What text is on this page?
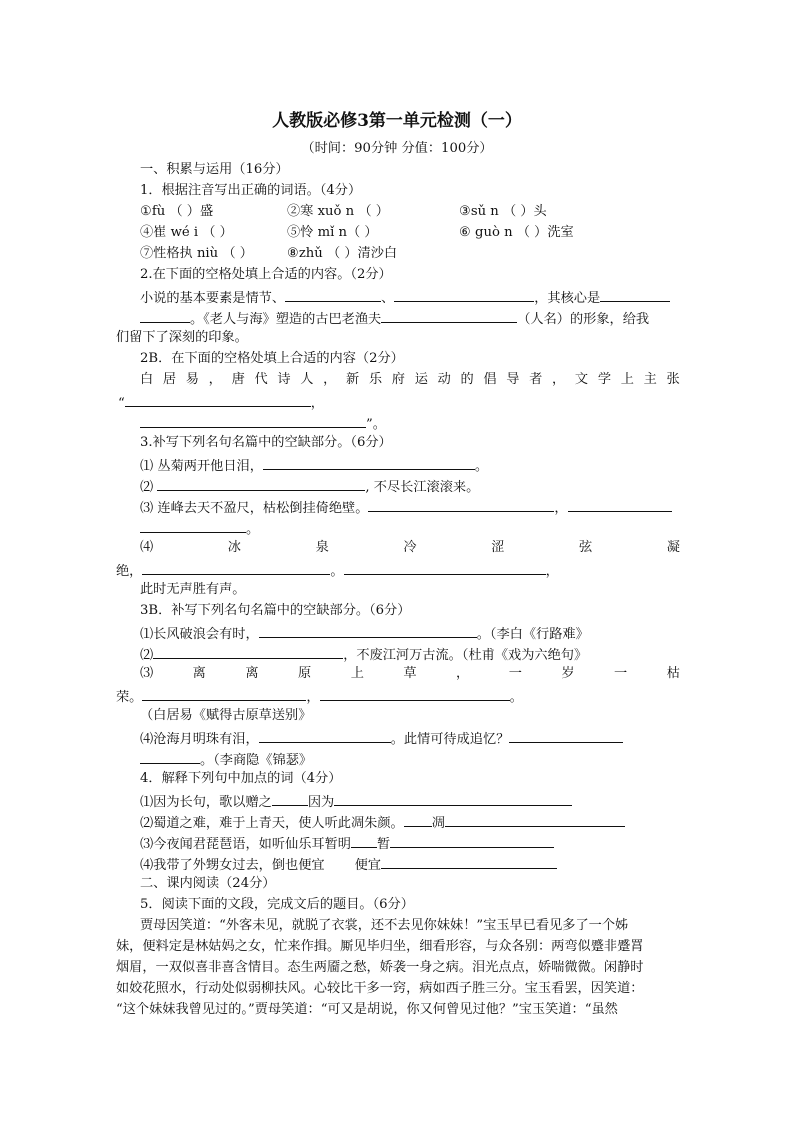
人教版必修3第一单元检测（一）
（时间：90分钟 分值：100分）
一、积累与运用（16分）
1．根据注音写出正确的词语。（4分）
①fù （ ）盛	②寒 xuǒ n （ ）	③sǔ n （ ）头
④崔 wé i （ ）	⑤怜 mǐ n（ ）	⑥ guò n （ ）洗室
⑦性格执 niù （ ）	⑧zhǔ （ ）清沙白
2.在下面的空格处填上合适的内容。（2分）
小说的基本要素是情节、	、	，其核心是
。《老人与海》塑造的古巴老渔夫	（人名）的形象，给我
们留下了深刻的印象。
2B．在下面的空格处填上合适的内容（2分）
白 居 易 ， 唐 代 诗 人 ， 新 乐 府 运 动 的 倡 导 者 ， 文 学 上 主 张
“	，
”。
3.补写下列名句名篇中的空缺部分。（6分）
⑴ 丛菊两开他日泪，	。
⑵	, 不尽长江滚滚来。
⑶ 连峰去天不盈尺，枯松倒挂倚绝壁。	，
。
⑷	冰	泉	冷	涩	弦	凝
绝，	。	，
此时无声胜有声。
3B．补写下列名句名篇中的空缺部分。（6分）
⑴长风破浪会有时，	。（李白《行路难》
⑵	，不废江河万古流。（杜甫《戏为六绝句》
⑶	离	离	原	上	草	，	一	岁	一	枯
荣。	，	。
（白居易《赋得古原草送别》
⑷沧海月明珠有泪，	。此情可待成追忆？
。（李商隐《锦瑟》
4．解释下列句中加点的词（4分）
⑴因为长句，歌以赠之	因为
⑵蜀道之难，难于上青天，使人听此凋朱颜。 凋
⑶今夜闻君琵琶语，如听仙乐耳暂明 暂
⑷我带了外甥女过去，倒也便宜 便宜
二、课内阅读（24分）
5．阅读下面的文段，完成文后的题目。（6分）
贾母因笑道：“外客未见，就脱了衣裳，还不去见你妹妹！”宝玉早已看见多了一个姊
妹，便料定是林姑妈之女，忙来作揖。厮见毕归坐，细看形容，与众各别：两弯似蹙非蹙罥
烟眉，一双似喜非喜含情目。态生两靥之愁，娇袭一身之病。泪光点点，娇喘微微。闲静时
如姣花照水，行动处似弱柳扶风。心较比干多一窍，病如西子胜三分。宝玉看罢，因笑道：
“这个妹妹我曾见过的。”贾母笑道：“可又是胡说，你又何曾见过他？”宝玉笑道：“虽然
